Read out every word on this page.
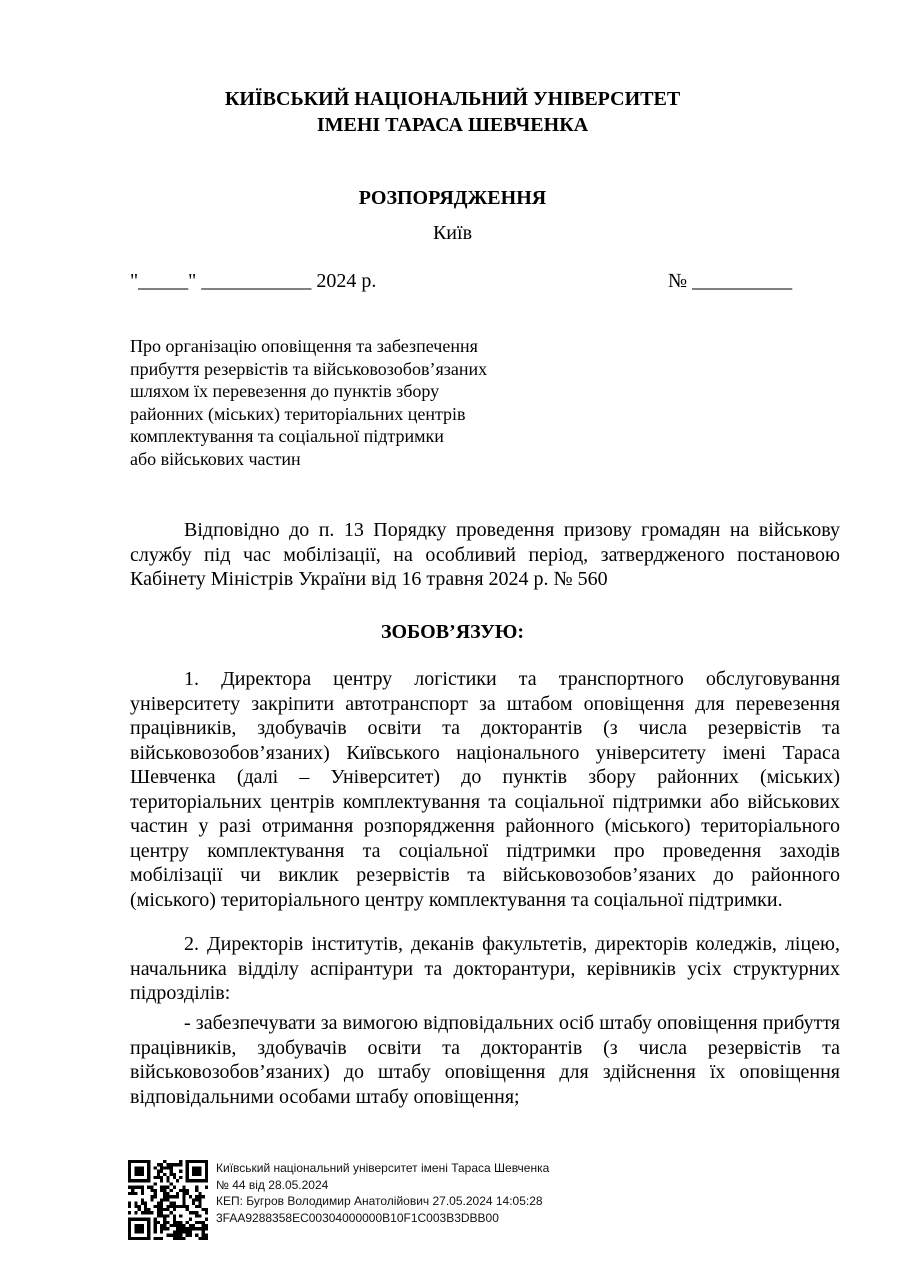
КИЇВСЬКИЙ НАЦІОНАЛЬНИЙ УНІВЕРСИТЕТ
ІМЕНІ ТАРАСА ШЕВЧЕНКА
РОЗПОРЯДЖЕННЯ
Київ
"_____" ___________ 2024 р.	№ __________
Про організацію оповіщення та забезпечення
прибуття резервістів та військовозобов’язаних
шляхом їх перевезення до пунктів збору
районних (міських) територіальних центрів
комплектування та соціальної підтримки
або військових частин
Відповідно до п. 13 Порядку проведення призову громадян на військову службу під час мобілізації, на особливий період, затвердженого постановою Кабінету Міністрів України від 16 травня 2024 р. № 560
ЗОБОВ’ЯЗУЮ:
1. Директора центру логістики та транспортного обслуговування університету закріпити автотранспорт за штабом оповіщення для перевезення працівників, здобувачів освіти та докторантів (з числа резервістів та військовозобов’язаних) Київського національного університету імені Тараса Шевченка (далі – Університет) до пунктів збору районних (міських) територіальних центрів комплектування та соціальної підтримки або військових частин у разі отримання розпорядження районного (міського) територіального центру комплектування та соціальної підтримки про проведення заходів мобілізації чи виклик резервістів та військовозобов’язаних до районного (міського) територіального центру комплектування та соціальної підтримки.
2. Директорів інститутів, деканів факультетів, директорів коледжів, ліцею, начальника відділу аспірантури та докторантури, керівників усіх структурних підрозділів:
- забезпечувати за вимогою відповідальних осіб штабу оповіщення прибуття працівників, здобувачів освіти та докторантів (з числа резервістів та військовозобов’язаних) до штабу оповіщення для здійснення їх оповіщення відповідальними особами штабу оповіщення;
Київський національний університет імені Тараса Шевченка
№ 44 від 28.05.2024
КЕП: Бугров Володимир Анатолійович 27.05.2024 14:05:28
3FAA9288358EC00304000000B10F1C003B3DBB00
